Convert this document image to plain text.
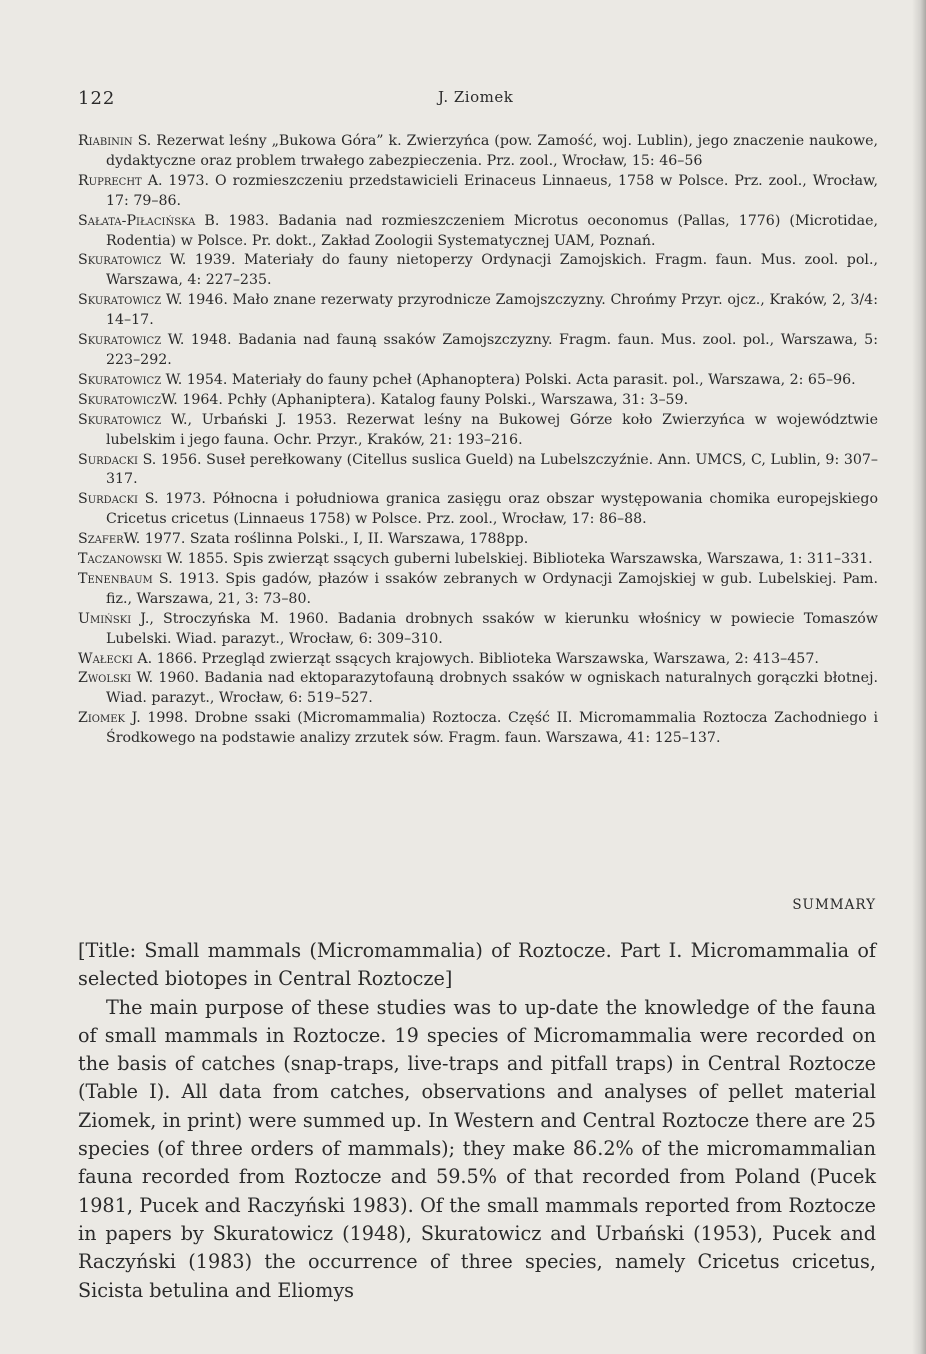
122	J. Ziomek

Riabinin S. Rezerwat leśny „Bukowa Góra” k. Zwierzyńca (pow. Zamość, woj. Lublin), jego znaczenie naukowe, dydaktyczne oraz problem trwałego zabezpieczenia. Prz. zool., Wrocław, 15: 46–56

Ruprecht A. 1973. O rozmieszczeniu przedstawicieli Erinaceus Linnaeus, 1758 w Polsce. Prz. zool., Wrocław, 17: 79–86.

Sałata-Piłacińska B. 1983. Badania nad rozmieszczeniem Microtus oeconomus (Pallas, 1776) (Microtidae, Rodentia) w Polsce. Pr. dokt., Zakład Zoologii Systematycznej UAM, Poznań.

Skuratowicz W. 1939. Materiały do fauny nietoperzy Ordynacji Zamojskich. Fragm. faun. Mus. zool. pol., Warszawa, 4: 227–235.

Skuratowicz W. 1946. Mało znane rezerwaty przyrodnicze Zamojszczyzny. Chrońmy Przyr. ojcz., Kraków, 2, 3/4: 14–17.

Skuratowicz W. 1948. Badania nad fauną ssaków Zamojszczyzny. Fragm. faun. Mus. zool. pol., Warszawa, 5: 223–292.

Skuratowicz W. 1954. Materiały do fauny pcheł (Aphanoptera) Polski. Acta parasit. pol., Warszawa, 2: 65–96.

SkuratowiczW. 1964. Pchły (Aphaniptera). Katalog fauny Polski., Warszawa, 31: 3–59.

Skuratowicz W., Urbański J. 1953. Rezerwat leśny na Bukowej Górze koło Zwierzyńca w województwie lubelskim i jego fauna. Ochr. Przyr., Kraków, 21: 193–216.

Surdacki S. 1956. Suseł perełkowany (Citellus suslica Gueld) na Lubelszczyźnie. Ann. UMCS, C, Lublin, 9: 307–317.

Surdacki S. 1973. Północna i południowa granica zasięgu oraz obszar występowania chomika europejskiego Cricetus cricetus (Linnaeus 1758) w Polsce. Prz. zool., Wrocław, 17: 86–88.

SzaferW. 1977. Szata roślinna Polski., I, II. Warszawa, 1788pp.

Taczanowski W. 1855. Spis zwierząt ssących guberni lubelskiej. Biblioteka Warszawska, Warszawa, 1: 311–331.

Tenenbaum S. 1913. Spis gadów, płazów i ssaków zebranych w Ordynacji Zamojskiej w gub. Lubelskiej. Pam. fiz., Warszawa, 21, 3: 73–80.

Umiński J., Stroczyńska M. 1960. Badania drobnych ssaków w kierunku włośnicy w powiecie Tomaszów Lubelski. Wiad. parazyt., Wrocław, 6: 309–310.

Wałecki A. 1866. Przegląd zwierząt ssących krajowych. Biblioteka Warszawska, Warszawa, 2: 413–457.

Zwolski W. 1960. Badania nad ektoparazytofauną drobnych ssaków w ogniskach naturalnych gorączki błotnej. Wiad. parazyt., Wrocław, 6: 519–527.

Ziomek J. 1998. Drobne ssaki (Micromammalia) Roztocza. Część II. Micromammalia Roztocza Zachodniego i Środkowego na podstawie analizy zrzutek sów. Fragm. faun. Warszawa, 41: 125–137.

SUMMARY

[Title: Small mammals (Micromammalia) of Roztocze. Part I. Micromammalia of selected biotopes in Central Roztocze]

The main purpose of these studies was to up-date the knowledge of the fauna of small mammals in Roztocze. 19 species of Micromammalia were recorded on the basis of catches (snap-traps, live-traps and pitfall traps) in Central Roztocze (Table I). All data from catches, observations and analyses of pellet material Ziomek, in print) were summed up. In Western and Central Roztocze there are 25 species (of three orders of mammals); they make 86.2% of the micromammalian fauna recorded from Roztocze and 59.5% of that recorded from Poland (Pucek 1981, Pucek and Raczyński 1983). Of the small mammals reported from Roztocze in papers by Skuratowicz (1948), Skuratowicz and Urbański (1953), Pucek and Raczyński (1983) the occurrence of three species, namely Cricetus cricetus, Sicista betulina and Eliomys
